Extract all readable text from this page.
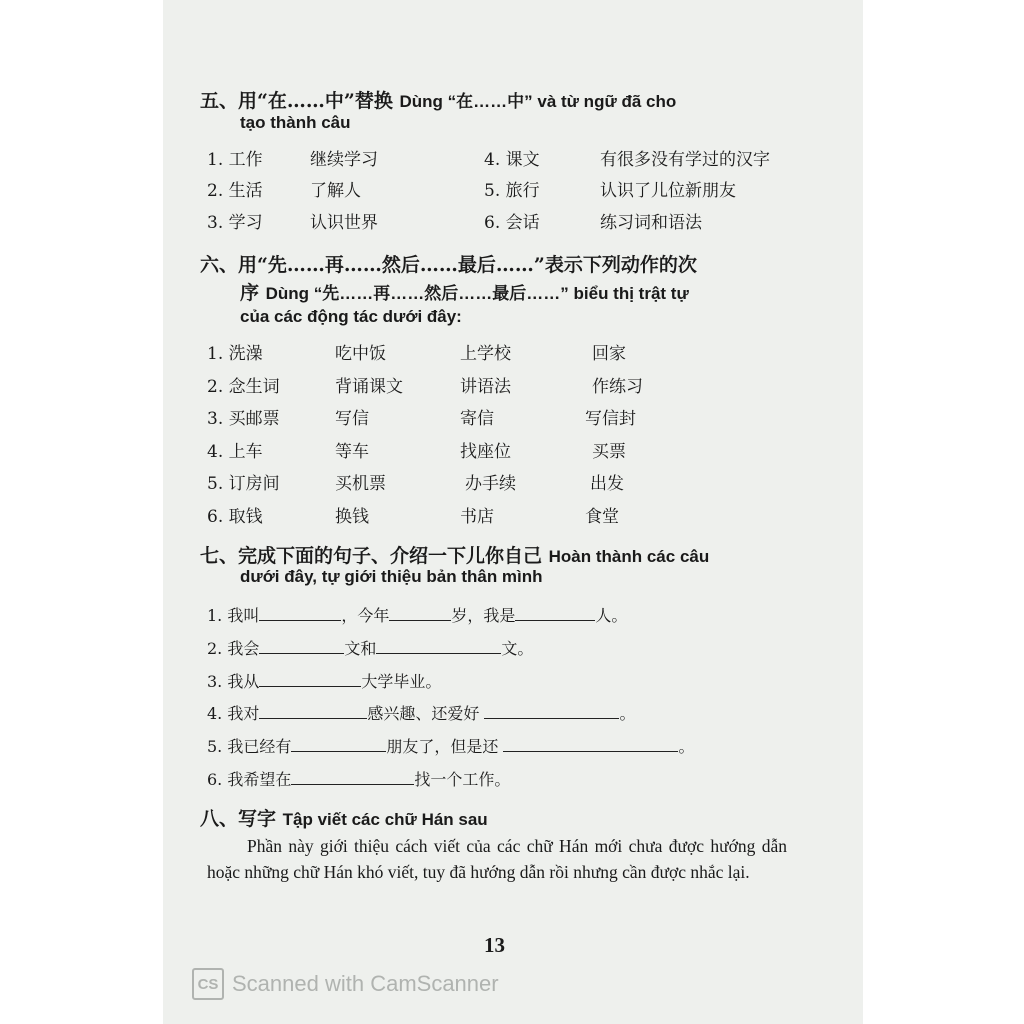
五、用“在……中”替换 Dùng “在……中” và từ ngữ đã cho
tạo thành câu
1. 工作	继续学习	4. 课文	有很多没有学过的汉字
2. 生活	了解人	5. 旅行	认识了儿位新朋友
3. 学习	认识世界	6. 会话	练习词和语法
六、用“先……再……然后……最后……”表示下列动作的次
序 Dùng “先……再……然后……最后……” biểu thị trật tự
của các động tác dưới đây:
1. 洗澡	吃中饭	上学校	回家
2. 念生词	背诵课文	讲语法	作练习
3. 买邮票	写信	寄信	写信封
4. 上车	等车	找座位	买票
5. 订房间	买机票	办手续	出发
6. 取钱	换钱	书店	食堂
七、完成下面的句子、介绍一下儿你自己 Hoàn thành các câu
dưới đây, tự giới thiệu bản thân mình
1. 我叫	，今年	岁，我是	人。
2. 我会	文和	文。
3. 我从	大学毕业。
4. 我对	感兴趣、还爱好	。
5. 我已经有	朋友了，但是还	。
6. 我希望在	找一个工作。
八、写字 Tập viết các chữ Hán sau
Phần này giới thiệu cách viết của các chữ Hán mới chưa được hướng dẫn hoặc những chữ Hán khó viết, tuy đã hướng dẫn rồi nhưng cần được nhắc lại.
13
CS Scanned with CamScanner
